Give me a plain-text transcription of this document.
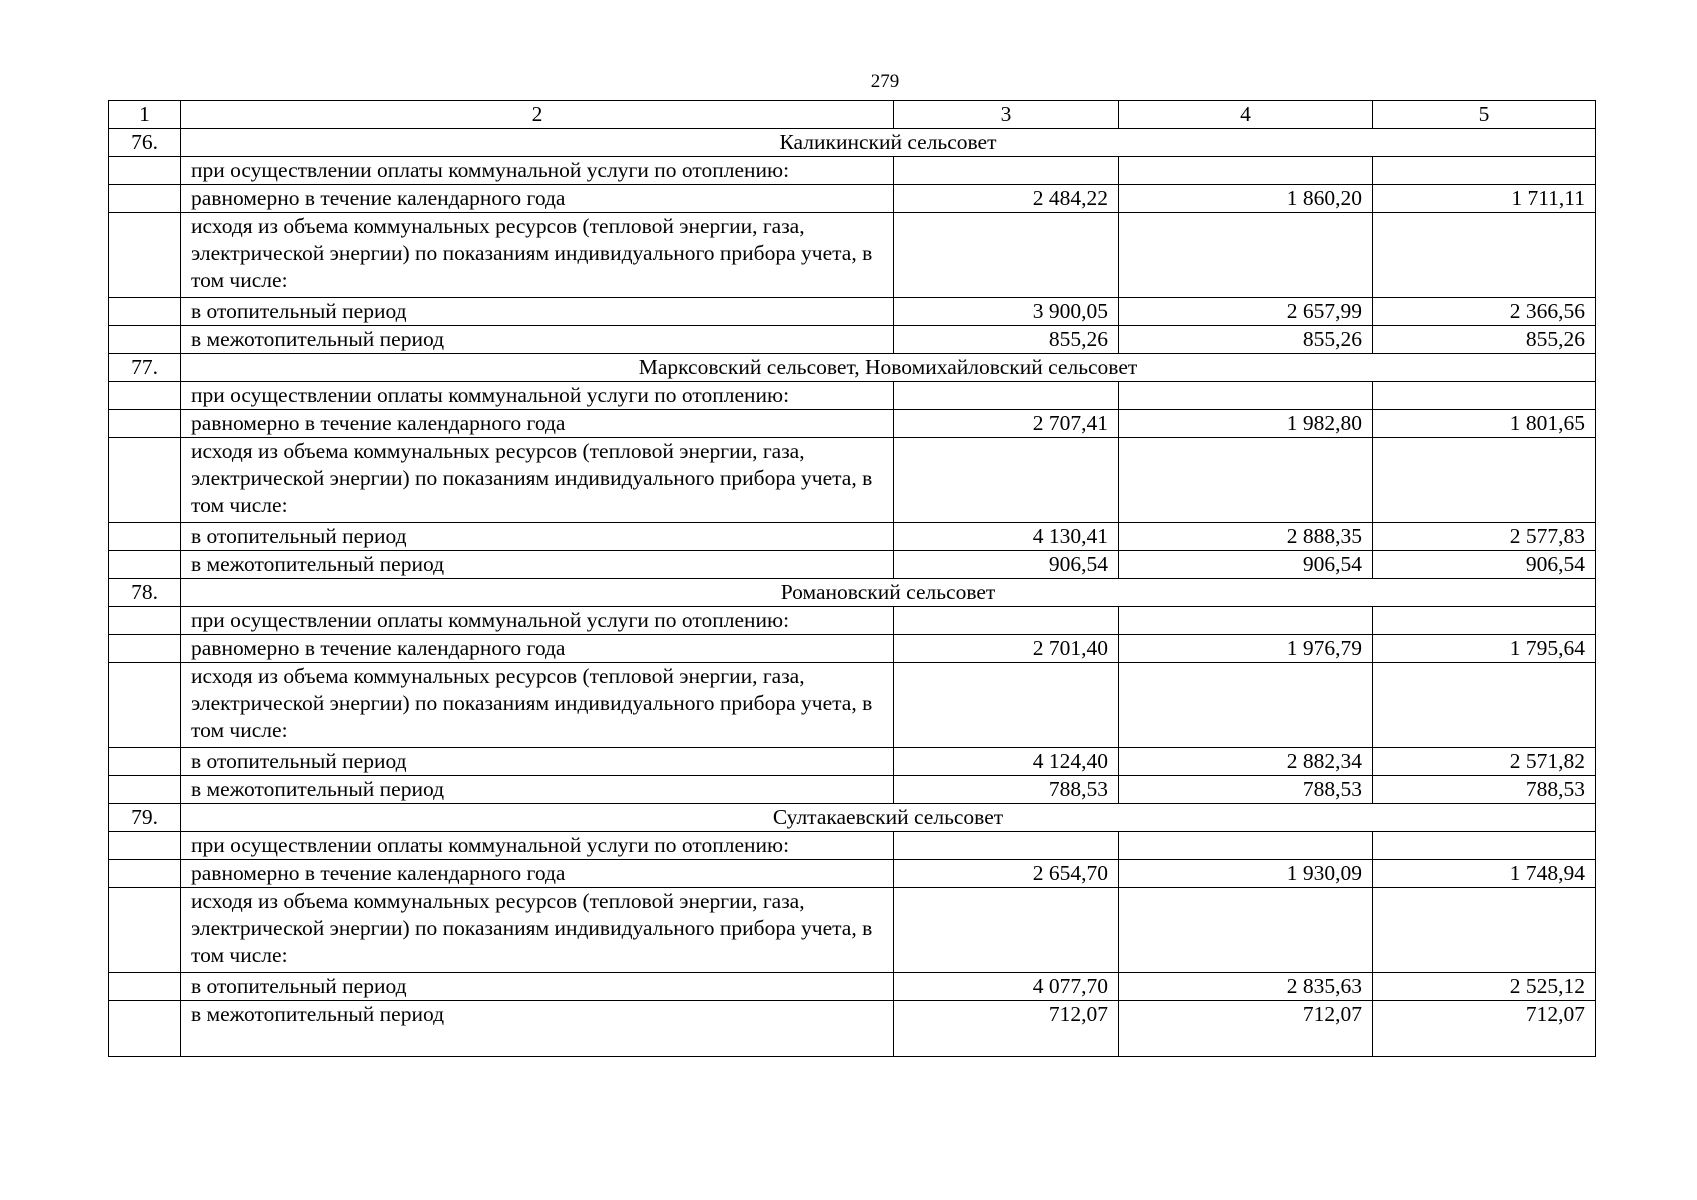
279
1	2	3	4	5
76.	Каликинский сельсовет			
	при осуществлении оплаты коммунальной услуги по отоплению:			
	равномерно в течение календарного года	2 484,22	1 860,20	1 711,11
	исходя из объема коммунальных ресурсов (тепловой энергии, газа, электрической энергии) по показаниям индивидуального прибора учета, в том числе:			
	в отопительный период	3 900,05	2 657,99	2 366,56
	в межотопительный период	855,26	855,26	855,26
77.	Марксовский сельсовет, Новомихайловский сельсовет			
	при осуществлении оплаты коммунальной услуги по отоплению:			
	равномерно в течение календарного года	2 707,41	1 982,80	1 801,65
	исходя из объема коммунальных ресурсов (тепловой энергии, газа, электрической энергии) по показаниям индивидуального прибора учета, в том числе:			
	в отопительный период	4 130,41	2 888,35	2 577,83
	в межотопительный период	906,54	906,54	906,54
78.	Романовский сельсовет			
	при осуществлении оплаты коммунальной услуги по отоплению:			
	равномерно в течение календарного года	2 701,40	1 976,79	1 795,64
	исходя из объема коммунальных ресурсов (тепловой энергии, газа, электрической энергии) по показаниям индивидуального прибора учета, в том числе:			
	в отопительный период	4 124,40	2 882,34	2 571,82
	в межотопительный период	788,53	788,53	788,53
79.	Султакаевский сельсовет			
	при осуществлении оплаты коммунальной услуги по отоплению:			
	равномерно в течение календарного года	2 654,70	1 930,09	1 748,94
	исходя из объема коммунальных ресурсов (тепловой энергии, газа, электрической энергии) по показаниям индивидуального прибора учета, в том числе:			
	в отопительный период	4 077,70	2 835,63	2 525,12
	в межотопительный период	712,07	712,07	712,07
